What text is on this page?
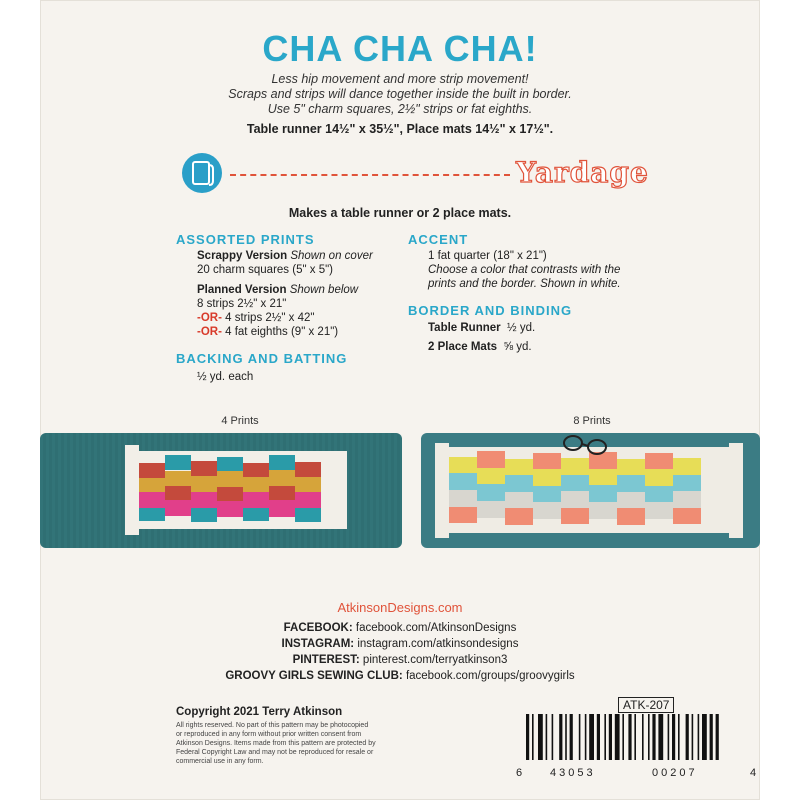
CHA CHA CHA!
Less hip movement and more strip movement!
Scraps and strips will dance together inside the built in border.
Use 5" charm squares, 2½" strips or fat eighths.
Table runner 14½" x 35½", Place mats 14½" x 17½".
Yardage
Makes a table runner or 2 place mats.
ASSORTED PRINTS
Scrappy Version Shown on cover
20 charm squares (5" x 5")
Planned Version Shown below
8 strips 2½" x 21"
-OR- 4 strips 2½" x 42"
-OR- 4 fat eighths (9" x 21")
BACKING AND BATTING
½ yd. each
ACCENT
1 fat quarter (18" x 21")
Choose a color that contrasts with the
prints and the border. Shown in white.
BORDER AND BINDING
Table Runner ½ yd.
2 Place Mats ⅝ yd.
4 Prints	8 Prints
AtkinsonDesigns.com
FACEBOOK: facebook.com/AtkinsonDesigns
INSTAGRAM: instagram.com/atkinsondesigns
PINTEREST: pinterest.com/terryatkinson3
GROOVY GIRLS SEWING CLUB: facebook.com/groups/groovygirls
Copyright 2021 Terry Atkinson
All rights reserved. No part of this pattern may be photocopied
or reproduced in any form without prior written consent from
Atkinson Designs. Items made from this pattern are protected by
Federal Copyright Law and may not be reproduced for resale or
commercial use in any form.
ATK-207
6	43053	00207	4
